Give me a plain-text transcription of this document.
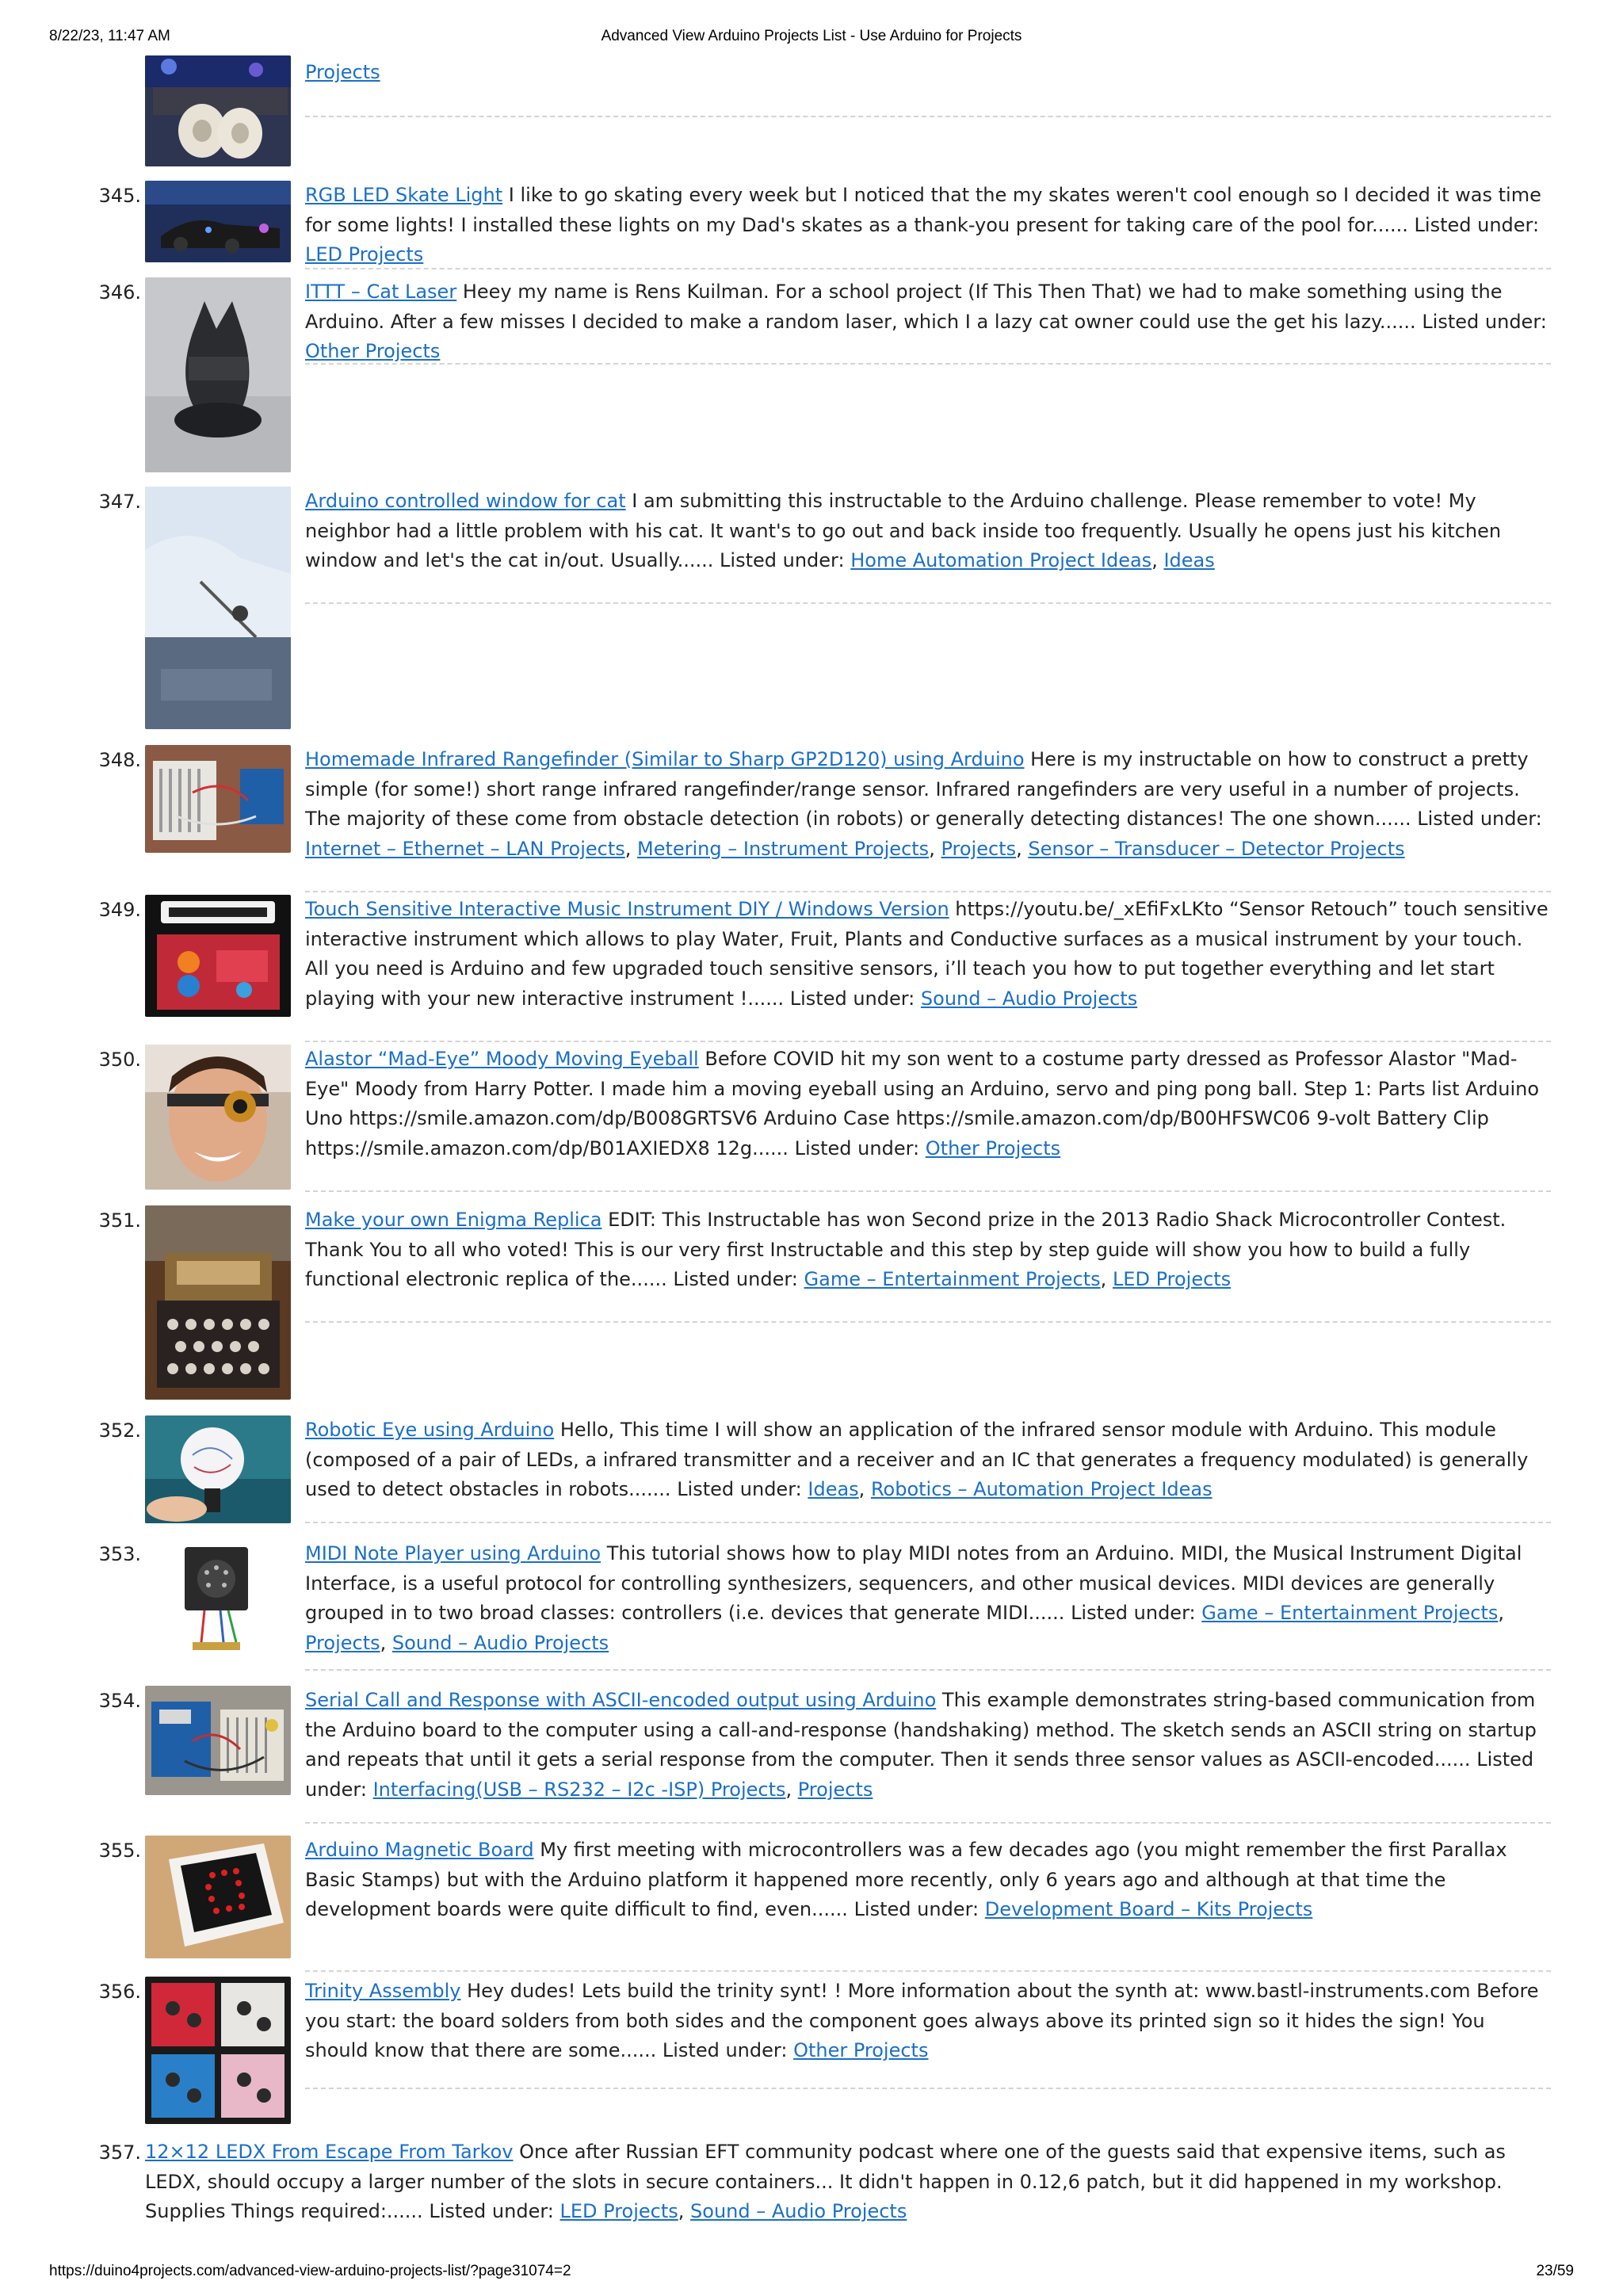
8/22/23, 11:47 AM	Advanced View Arduino Projects List - Use Arduino for Projects
Projects
345.	RGB LED Skate Light I like to go skating every week but I noticed that the my skates weren't cool enough so I decided it was time for some lights! I installed these lights on my Dad's skates as a thank-you present for taking care of the pool for...... Listed under: LED Projects
346.	ITTT – Cat Laser Heey my name is Rens Kuilman. For a school project (If This Then That) we had to make something using the Arduino. After a few misses I decided to make a random laser, which I a lazy cat owner could use the get his lazy...... Listed under: Other Projects
347.	Arduino controlled window for cat I am submitting this instructable to the Arduino challenge. Please remember to vote! My neighbor had a little problem with his cat. It want's to go out and back inside too frequently. Usually he opens just his kitchen window and let's the cat in/out. Usually...... Listed under: Home Automation Project Ideas, Ideas
348.	Homemade Infrared Rangefinder (Similar to Sharp GP2D120) using Arduino Here is my instructable on how to construct a pretty simple (for some!) short range infrared rangefinder/range sensor. Infrared rangefinders are very useful in a number of projects. The majority of these come from obstacle detection (in robots) or generally detecting distances! The one shown...... Listed under: Internet – Ethernet – LAN Projects, Metering – Instrument Projects, Projects, Sensor – Transducer – Detector Projects
349.	Touch Sensitive Interactive Music Instrument DIY / Windows Version https://youtu.be/_xEfiFxLKto “Sensor Retouch” touch sensitive interactive instrument which allows to play Water, Fruit, Plants and Conductive surfaces as a musical instrument by your touch. All you need is Arduino and few upgraded touch sensitive sensors, i’ll teach you how to put together everything and let start playing with your new interactive instrument !...... Listed under: Sound – Audio Projects
350.	Alastor “Mad-Eye” Moody Moving Eyeball Before COVID hit my son went to a costume party dressed as Professor Alastor "Mad-Eye" Moody from Harry Potter. I made him a moving eyeball using an Arduino, servo and ping pong ball. Step 1: Parts list Arduino Uno https://smile.amazon.com/dp/B008GRTSV6 Arduino Case https://smile.amazon.com/dp/B00HFSWC06 9-volt Battery Clip https://smile.amazon.com/dp/B01AXIEDX8 12g...... Listed under: Other Projects
351.	Make your own Enigma Replica EDIT: This Instructable has won Second prize in the 2013 Radio Shack Microcontroller Contest. Thank You to all who voted! This is our very first Instructable and this step by step guide will show you how to build a fully functional electronic replica of the...... Listed under: Game – Entertainment Projects, LED Projects
352.	Robotic Eye using Arduino Hello, This time I will show an application of the infrared sensor module with Arduino. This module (composed of a pair of LEDs, a infrared transmitter and a receiver and an IC that generates a frequency modulated) is generally used to detect obstacles in robots....... Listed under: Ideas, Robotics – Automation Project Ideas
353.	MIDI Note Player using Arduino This tutorial shows how to play MIDI notes from an Arduino. MIDI, the Musical Instrument Digital Interface, is a useful protocol for controlling synthesizers, sequencers, and other musical devices. MIDI devices are generally grouped in to two broad classes: controllers (i.e. devices that generate MIDI...... Listed under: Game – Entertainment Projects, Projects, Sound – Audio Projects
354.	Serial Call and Response with ASCII-encoded output using Arduino This example demonstrates string-based communication from the Arduino board to the computer using a call-and-response (handshaking) method. The sketch sends an ASCII string on startup and repeats that until it gets a serial response from the computer. Then it sends three sensor values as ASCII-encoded...... Listed under: Interfacing(USB – RS232 – I2c -ISP) Projects, Projects
355.	Arduino Magnetic Board My first meeting with microcontrollers was a few decades ago (you might remember the first Parallax Basic Stamps) but with the Arduino platform it happened more recently, only 6 years ago and although at that time the development boards were quite difficult to find, even...... Listed under: Development Board – Kits Projects
356.	Trinity Assembly Hey dudes! Lets build the trinity synt! ! More information about the synth at: www.bastl-instruments.com Before you start: the board solders from both sides and the component goes always above its printed sign so it hides the sign! You should know that there are some...... Listed under: Other Projects
357. 12×12 LEDX From Escape From Tarkov Once after Russian EFT community podcast where one of the guests said that expensive items, such as LEDX, should occupy a larger number of the slots in secure containers... It didn't happen in 0.12,6 patch, but it did happened in my workshop. Supplies Things required:...... Listed under: LED Projects, Sound – Audio Projects
https://duino4projects.com/advanced-view-arduino-projects-list/?page31074=2	23/59
